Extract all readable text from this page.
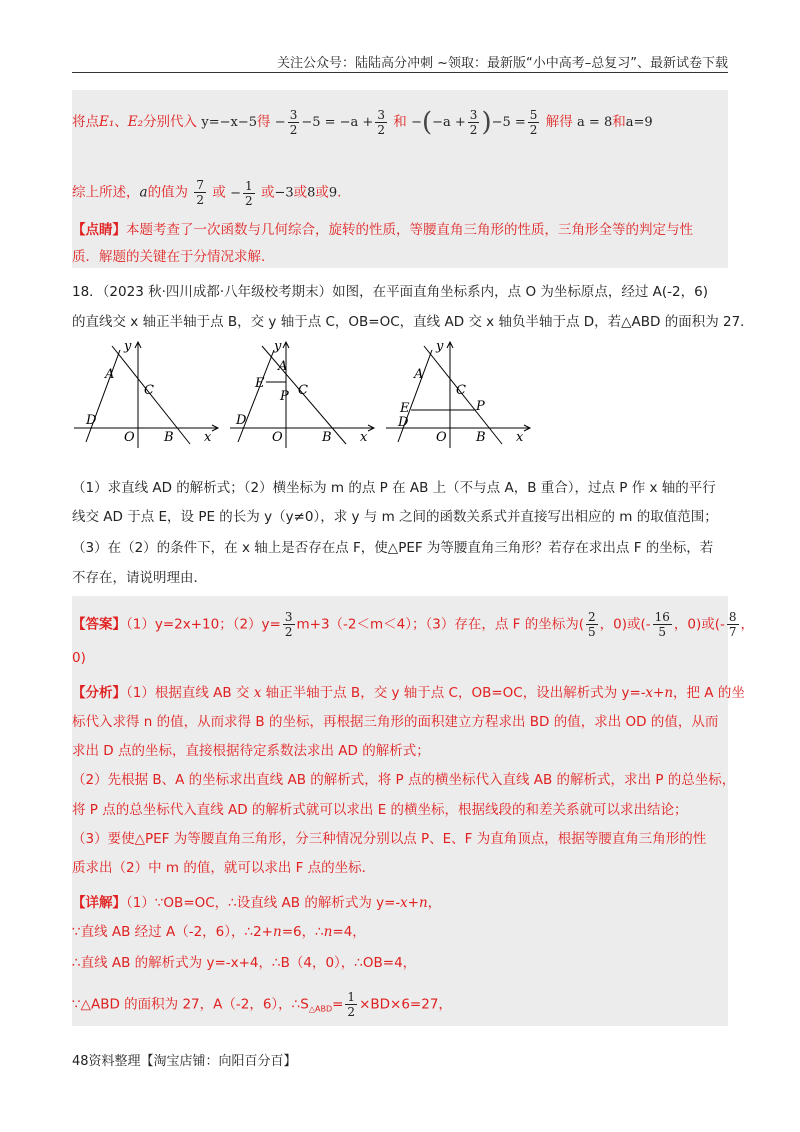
关注公众号：陆陆高分冲刺 ~领取：最新版“小中高考–总复习”、最新试卷下载
将点E₁、E₂分别代入 y=−x−5得 − $\frac{3}{2} -5 = -a + \frac{3}{2}$ 和 $-(-a + \frac{3}{2} )-5 = \frac{5}{2}$ 解得 a = 8和a=9
综上所述，a的值为 $\frac{7}{2}$ 或 − $\frac{1}{2}$ 或−3或8或9.
【点睛】本题考查了一次函数与几何综合，旋转的性质，等腰直角三角形的性质，三角形全等的判定与性
质．解题的关键在于分情况求解．
18．（2023 秋·四川成都·八年级校考期末）如图，在平面直角坐标系内，点 O 为坐标原点，经过 A(-2，6)
的直线交 x 轴正半轴于点 B，交 y 轴于点 C，OB=OC，直线 AD 交 x 轴负半轴于点 D，若△ABD 的面积为 27．
A
B
C
D
O	x
y
A
B
C
D
E
P
O	x
y
A
B
C
D
E	P
O	x
y
（1）求直线 AD 的解析式；（2）横坐标为 m 的点 P 在 AB 上（不与点 A，B 重合），过点 P 作 x 轴的平行
线交 AD 于点 E，设 PE 的长为 y（y≠0），求 y 与 m 之间的函数关系式并直接写出相应的 m 的取值范围；
（3）在（2）的条件下，在 x 轴上是否存在点 F，使△PEF 为等腰直角三角形？若存在求出点 F 的坐标，若
不存在，请说明理由．
【答案】（1）y=2x+10；$(2)y= \frac{3}{2} m+3(-2<m<4)$；（3）存在，点 F 的坐标为( $\frac{2}{5}$ ，0)或(- $\frac{16}{5}$ ，0)或(- $\frac{8}{7}$ ，
0)
【分析】（1）根据直线 AB 交 x 轴正半轴于点 B，交 y 轴于点 C，OB=OC，设出解析式为 y=-x+n，把 A 的坐
标代入求得 n 的值，从而求得 B 的坐标，再根据三角形的面积建立方程求出 BD 的值，求出 OD 的值，从而
求出 D 点的坐标，直接根据待定系数法求出 AD 的解析式；
（2）先根据 B、A 的坐标求出直线 AB 的解析式，将 P 点的横坐标代入直线 AB 的解析式，求出 P 的总坐标，
将 P 点的总坐标代入直线 AD 的解析式就可以求出 E 的横坐标，根据线段的和差关系就可以求出结论；
（3）要使△PEF 为等腰直角三角形，分三种情况分别以点 P、E、F 为直角顶点，根据等腰直角三角形的性
质求出（2）中 m 的值，就可以求出 F 点的坐标．
【详解】（1）∵OB=OC，∴设直线 AB 的解析式为 y=-x+n，
∵直线 AB 经过 A（-2，6），∴2+n=6，∴n=4，
∴直线 AB 的解析式为 y=-x+4，∴B（4，0），∴OB=4，
∵△ABD 的面积为 27，A（-2，6），$\therefore S_{\triangle ABD}= \frac{1}{2} \times BD\times 6=27$，
48资料整理【淘宝店铺：向阳百分百】
